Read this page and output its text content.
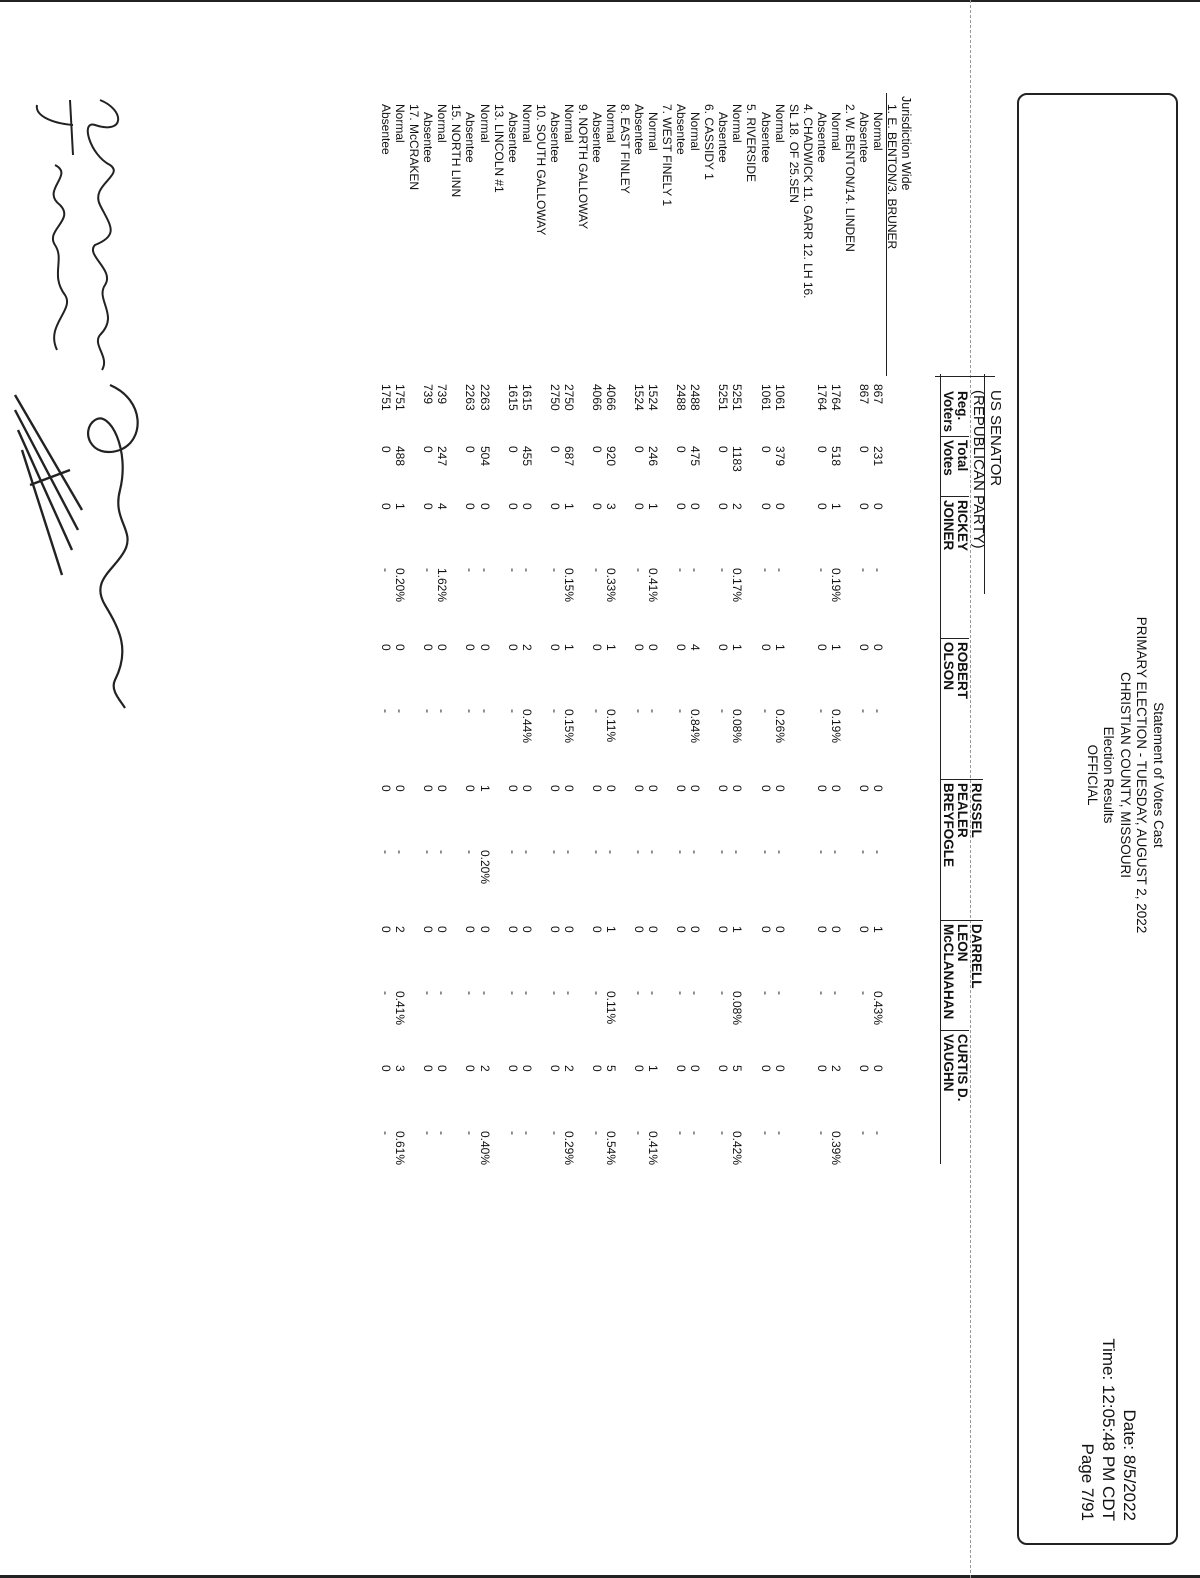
Statement of Votes Cast
PRIMARY ELECTION - TUESDAY, AUGUST 2, 2022
CHRISTIAN COUNTY, MISSOURI
Election Results
OFFICIAL
Date: 8/5/2022
Time: 12:05:48 PM CDT
Page 7/91
US SENATOR
(REPUBLICAN PARTY)
Reg.
Voters
Total
Votes
RICKEY
JOINER
ROBERT
OLSON
RUSSEL
PEALER
BREYFOGLE
DARRELL
LEON
McCLANAHAN
CURTIS D.
VAUGHN
Jurisdiction Wide
1. E. BENTON/3. BRUNER
Normal
867
231
0
-
0
-
0
-
1
0.43%
0
-
Absentee
867
0
0
-
0
-
0
-
0
-
0
-
2. W. BENTON/14. LINDEN
Normal
1764
518
1
0.19%
1
0.19%
0
-
0
-
2
0.39%
Absentee
1764
0
0
-
0
-
0
-
0
-
0
-
4. CHADWICK 11. GARR 12. LH 16.
SL 18. OF 25.SEN
Normal
1061
379
0
-
1
0.26%
0
-
0
-
0
-
Absentee
1061
0
0
-
0
-
0
-
0
-
0
-
5. RIVERSIDE
Normal
5251
1183
2
0.17%
1
0.08%
0
-
1
0.08%
5
0.42%
Absentee
5251
0
0
-
0
-
0
-
0
-
0
-
6. CASSIDY 1
Normal
2488
475
0
-
4
0.84%
0
-
0
-
0
-
Absentee
2488
0
0
-
0
-
0
-
0
-
0
-
7. WEST FINELY 1
Normal
1524
246
1
0.41%
0
-
0
-
0
-
1
0.41%
Absentee
1524
0
0
-
0
-
0
-
0
-
0
-
8. EAST FINLEY
Normal
4066
920
3
0.33%
1
0.11%
0
-
1
0.11%
5
0.54%
Absentee
4066
0
0
-
0
-
0
-
0
-
0
-
9. NORTH GALLOWAY
Normal
2750
687
1
0.15%
1
0.15%
0
-
0
-
2
0.29%
Absentee
2750
0
0
-
0
-
0
-
0
-
0
-
10. SOUTH GALLOWAY
Normal
1615
455
0
-
2
0.44%
0
-
0
-
0
-
Absentee
1615
0
0
-
0
-
0
-
0
-
0
-
13. LINCOLN #1
Normal
2263
504
0
-
0
-
1
0.20%
0
-
2
0.40%
Absentee
2263
0
0
-
0
-
0
-
0
-
0
-
15. NORTH LINN
Normal
739
247
4
1.62%
0
-
0
-
0
-
0
-
Absentee
739
0
0
-
0
-
0
-
0
-
0
-
17. McCRAKEN
Normal
1751
488
1
0.20%
0
-
0
-
2
0.41%
3
0.61%
Absentee
1751
0
0
-
0
-
0
-
0
-
0
-
